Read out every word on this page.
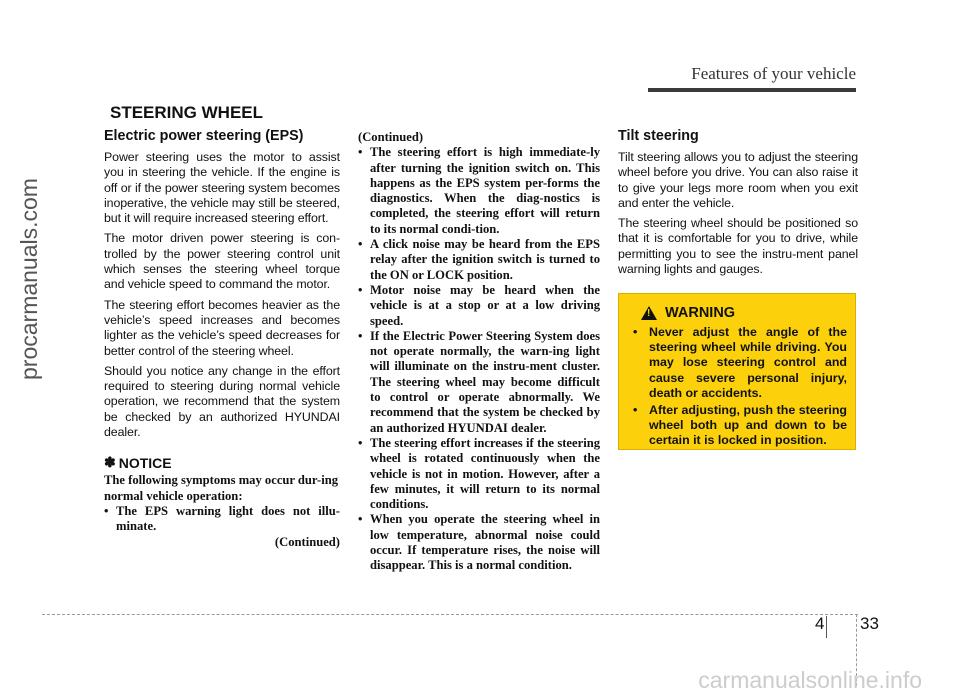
Features of your vehicle
procarmanuals.com
STEERING WHEEL
Electric power steering (EPS)

Power steering uses the motor to assist you in steering the vehicle. If the engine is off or if the power steering system becomes inoperative, the vehicle may still be steered, but it will require increased steering effort.

The motor driven power steering is con-trolled by the power steering control unit which senses the steering wheel torque and vehicle speed to command the motor.

The steering effort becomes heavier as the vehicle’s speed increases and becomes lighter as the vehicle’s speed decreases for better control of the steering wheel.

Should you notice any change in the effort required to steering during normal vehicle operation, we recommend that the system be checked by an authorized HYUNDAI dealer.

✽ NOTICE
The following symptoms may occur dur-ing normal vehicle operation:
• The EPS warning light does not illu-minate.
(Continued)
(Continued)
• The steering effort is high immediate-ly after turning the ignition switch on. This happens as the EPS system per-forms the diagnostics. When the diag-nostics is completed, the steering effort will return to its normal condi-tion.
• A click noise may be heard from the EPS relay after the ignition switch is turned to the ON or LOCK position.
• Motor noise may be heard when the vehicle is at a stop or at a low driving speed.
• If the Electric Power Steering System does not operate normally, the warn-ing light will illuminate on the instru-ment cluster. The steering wheel may become difficult to control or operate abnormally. We recommend that the system be checked by an authorized HYUNDAI dealer.
• The steering effort increases if the steering wheel is rotated continuously when the vehicle is not in motion. However, after a few minutes, it will return to its normal conditions.
• When you operate the steering wheel in low temperature, abnormal noise could occur. If temperature rises, the noise will disappear. This is a normal condition.
Tilt steering

Tilt steering allows you to adjust the steering wheel before you drive. You can also raise it to give your legs more room when you exit and enter the vehicle.

The steering wheel should be positioned so that it is comfortable for you to drive, while permitting you to see the instru-ment panel warning lights and gauges.

! WARNING
• Never adjust the angle of the steering wheel while driving. You may lose steering control and cause severe personal injury, death or accidents.
• After adjusting, push the steering wheel both up and down to be certain it is locked in position.
4 33
carmanualsonline.info
